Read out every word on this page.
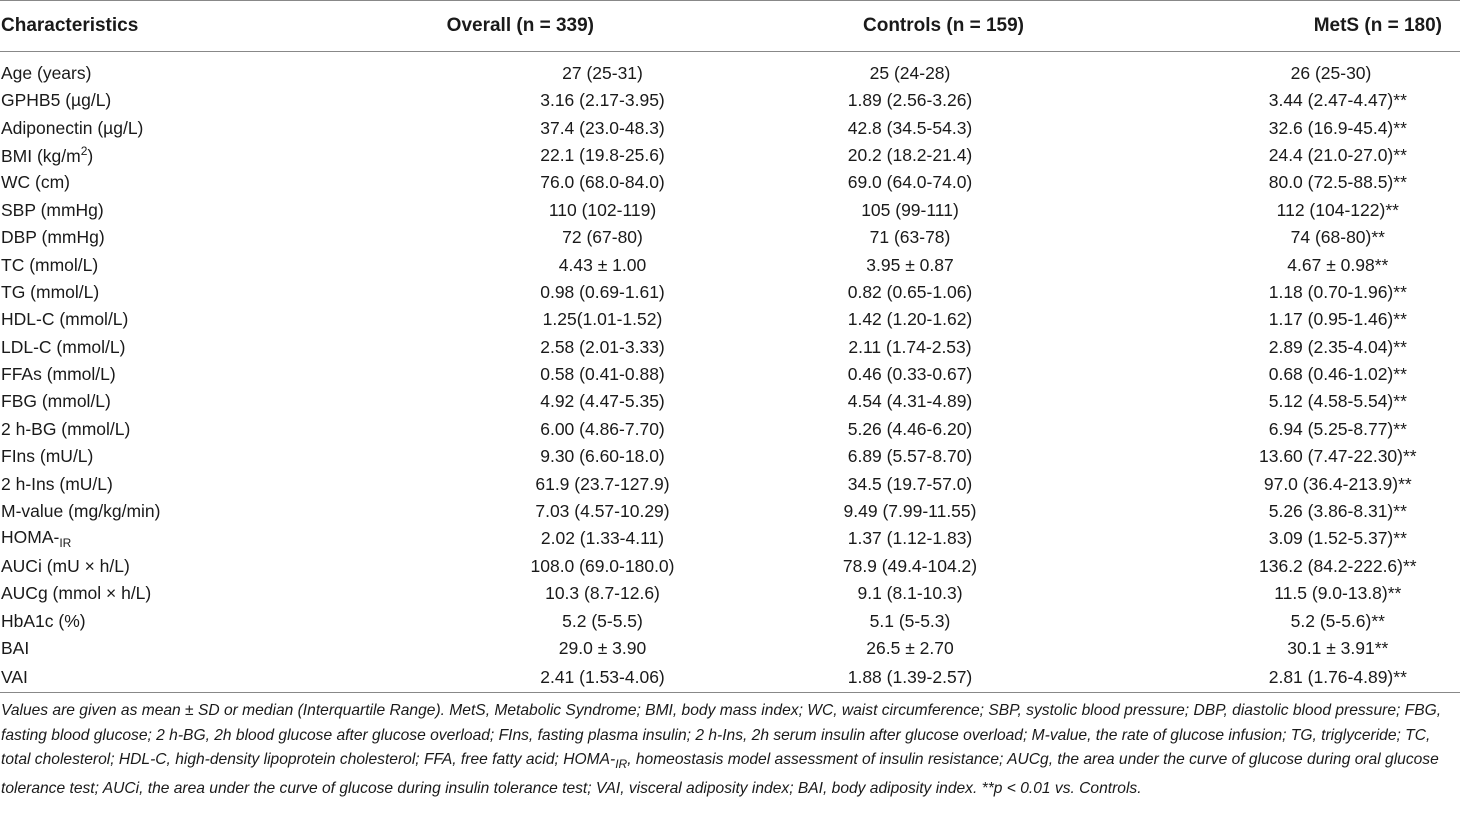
Characteristics	Overall (n = 339)	Controls (n = 159)	MetS (n = 180)
Age (years)	27 (25-31)	25 (24-28)	26 (25-30)
GPHB5 (µg/L)	3.16 (2.17-3.95)	1.89 (2.56-3.26)	3.44 (2.47-4.47)**
Adiponectin (µg/L)	37.4 (23.0-48.3)	42.8 (34.5-54.3)	32.6 (16.9-45.4)**
BMI $(kg/m^2)$	22.1 (19.8-25.6)	20.2 (18.2-21.4)	24.4 (21.0-27.0)**
WC (cm)	76.0 (68.0-84.0)	69.0 (64.0-74.0)	80.0 (72.5-88.5)**
SBP (mmHg)	110 (102-119)	105 (99-111)	112 (104-122)**
DBP (mmHg)	72 (67-80)	71 (63-78)	74 (68-80)**
TC (mmol/L)	4.43 ± 1.00	3.95 ± 0.87	4.67 ± 0.98**
TG (mmol/L)	0.98 (0.69-1.61)	0.82 (0.65-1.06)	1.18 (0.70-1.96)**
HDL-C (mmol/L)	1.25(1.01-1.52)	1.42 (1.20-1.62)	1.17 (0.95-1.46)**
LDL-C (mmol/L)	2.58 (2.01-3.33)	2.11 (1.74-2.53)	2.89 (2.35-4.04)**
FFAs (mmol/L)	0.58 (0.41-0.88)	0.46 (0.33-0.67)	0.68 (0.46-1.02)**
FBG (mmol/L)	4.92 (4.47-5.35)	4.54 (4.31-4.89)	5.12 (4.58-5.54)**
2 h-BG (mmol/L)	6.00 (4.86-7.70)	5.26 (4.46-6.20)	6.94 (5.25-8.77)**
FIns (mU/L)	9.30 (6.60-18.0)	6.89 (5.57-8.70)	13.60 (7.47-22.30)**
2 h-Ins (mU/L)	61.9 (23.7-127.9)	34.5 (19.7-57.0)	97.0 (36.4-213.9)**
M-value (mg/kg/min)	7.03 (4.57-10.29)	9.49 (7.99-11.55)	5.26 (3.86-8.31)**
HOMA-$_{IR}$	2.02 (1.33-4.11)	1.37 (1.12-1.83)	3.09 (1.52-5.37)**
AUCi (mU × h/L)	108.0 (69.0-180.0)	78.9 (49.4-104.2)	136.2 (84.2-222.6)**
AUCg (mmol × h/L)	10.3 (8.7-12.6)	9.1 (8.1-10.3)	11.5 (9.0-13.8)**
HbA1c (%)	5.2 (5-5.5)	5.1 (5-5.3)	5.2 (5-5.6)**
BAI	29.0 ± 3.90	26.5 ± 2.70	30.1 ± 3.91**
VAI	2.41 (1.53-4.06)	1.88 (1.39-2.57)	2.81 (1.76-4.89)**

Values are given as mean ± SD or median (Interquartile Range). MetS, Metabolic Syndrome; BMI, body mass index; WC, waist circumference; SBP, systolic blood pressure; DBP, diastolic blood pressure; FBG, fasting blood glucose; 2 h-BG, 2h blood glucose after glucose overload; FIns, fasting plasma insulin; 2 h-Ins, 2h serum insulin after glucose overload; M-value, the rate of glucose infusion; TG, triglyceride; TC, total cholesterol; HDL-C, high-density lipoprotein cholesterol; FFA, free fatty acid; HOMA-$_{IR}$, homeostasis model assessment of insulin resistance; AUCg, the area under the curve of glucose during oral glucose tolerance test; AUCi, the area under the curve of glucose during insulin tolerance test; VAI, visceral adiposity index; BAI, body adiposity index. **p < 0.01 vs. Controls.
